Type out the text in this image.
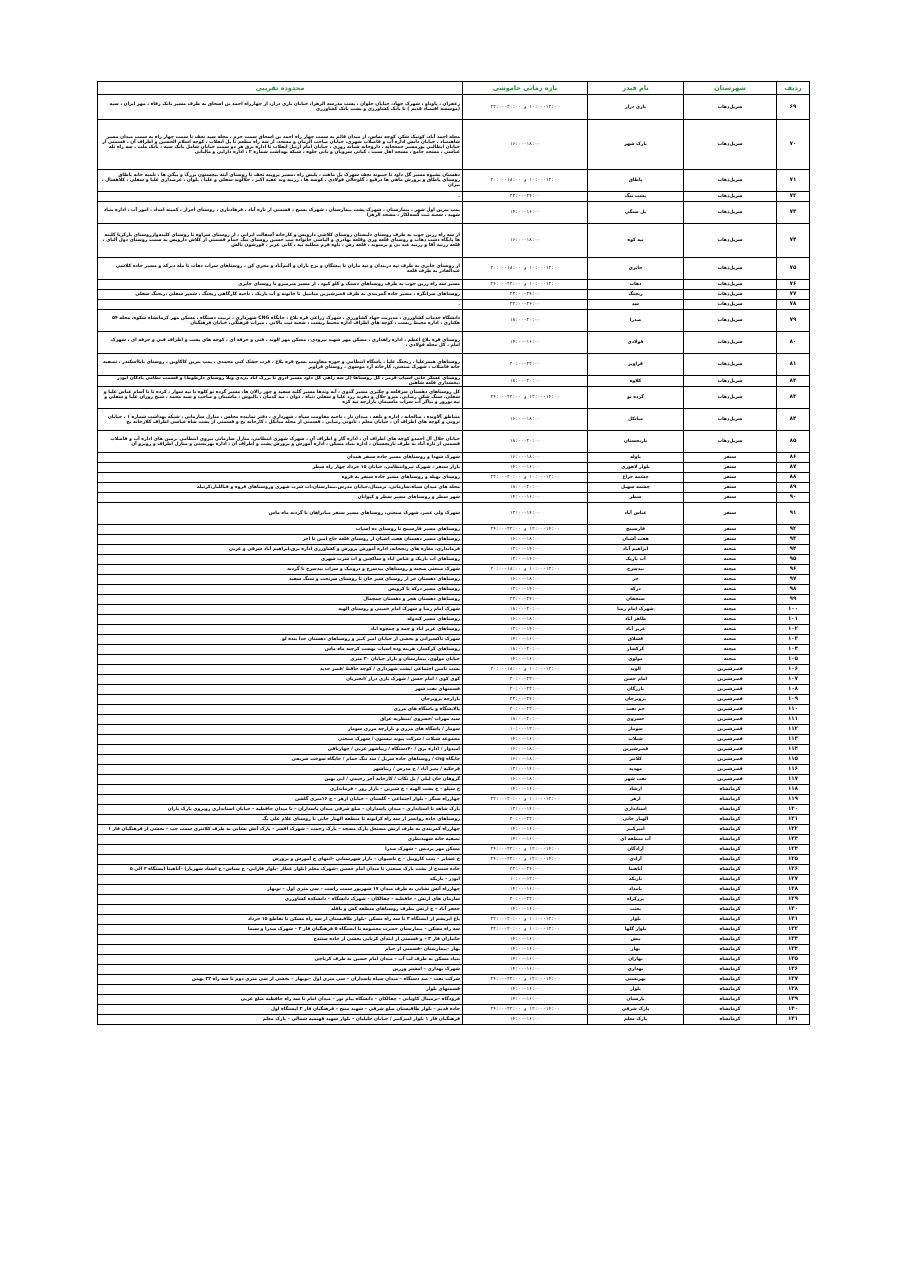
ردیف	شهرستان	نام فیدر	بازه زمانی خاموشی	محدوده تقریبی
۶۹	سرپل‌ذهاب	بازی دراز	۱۰:۰۰-۱۲:۰۰ و ۲۰:۰۰-۲۲:۰۰	زعفران ، پاوناو ، شهرک جهاد، خیابان حلوان ، پشت مدرسه الزهرا، خیابان بازی دراز، از چهارراه احمد بن اسحاق به طرف مسیر بانک رفاه ، مهر ایران ، سپه (موسسه اقتصاد قدیم ) تا بانک کشاورزی و پشت بانک کشاورزی
۷۰	سرپل‌ذهاب	پارک شهر	۱۶:۰۰-۱۸:۰۰	محله احمد آباد، کونیک شکر، کوچه تماس، از میدان قائم به سمت چهار راه احمد بن اسحاق سمت حرم ، محله سید نجف تا سمت چهار راه به سمت میدان مسیر شاهنصاد ، خیابان دانش اداره آب و فاضلاب شهری، خیابان صاحب الزمان و مسجد، از سه راه مطعم تا پل انقلاب ، کوچه اسلام الحسین و اطراف آن ، قسمتی از خیابان ابطالبی پورمسیر جمعخانه ، داروخانه شبانه روزی ، خیابان امام ارتبل انقلاب تا اداره برق هر دو سمت خیابان شامل بانک سپه ، بانک ملت ، سه راه تله عباسی ، مسجد جامع ، مسجد اهل سنت ، کیانی سرویان و بانی جلوه ، شبکه بهداشت شماره ۲ ، اداره دارایی و مالیاتی
۷۱	سرپل‌ذهاب	پاطاق	۱۰:۰۰-۱۲:۰۰ و ۱۸:۰۰-۲۰:۰۰	دهستان بشیوه مسیر گل داود تا حیبوند نجف شهرک پل ماهت ، پلیس راه ،مسیر پرویته نجف تا روستای آبته بیچستون بزرگ و بیگی ها ، تلمبه خانه پاطاق روستای پاطاق و پرورش ماهی ها دزقیع ، گلوجالی فولادی ، کوسه ها ، زرینه وند عقید اکبر ، جلالوند سفلی و علیا ، بلوان ، عرضداری علیا و سفلی ، کلاهسال ، بیران
۷۲	سرپل‌ذهاب	پشت تنگ	۲۲:۰۰-۲۴:۰۰	.
۷۳	سرپل‌ذهاب	پل سنگی	۱۴:۰۰-۱۶:۰۰	پمپ بنزین اول شهر ، بیمارستان ، شهرک پشت بیمارستان ، شهرک بسیج ، قسمتی از تازه آباد ، فرهادنازی ، روستای احرار ، کمیته امداد ، امور آب ، اداره بنیاد شهید ، شعبه ثبت گسه‌لکار ، مسجد الزهرا
۷۴	سرپل‌ذهاب	تپه کوه	۱۶:۰۰-۱۸:۰۰	از سه راه زرین جوب به طرف روستای دلیستان روستای کلاشی داروپس و کارخانه آسفالت ایرانی ، از روستای سراوه تا روستای کلینه‌وازروستای بازکرتا کلینه ها پایگاه دشت ذهاب و روستای قلعه وزی وقلعه بهادری و الیاسی خانواده تیپ حسین روستای تنگ حمام قسمتی از کلاش داروپس به سمت روستای دول آلبای ، قلعه زرنید آقا و زرنیه عید بی و بزمیوند ، قلعه رش ، ناوه فرم مطلبه تپه ، کانی عزیز ، قورشون بالش
۷۵	سرپل‌ذهاب	جابری	۱۰:۰۰-۱۲:۰۰ و ۱۸:۰۰-۲۰:۰۰	از روستای جابری به طرف تپه دربندان و تپه ماران تا بیشگان و برج باران و آلیم‌آباد و مجری کن ، روستاهای سراب دهاب تا مله دیرکه و مسیر جاده کلاشی عبدالقادر به طرف قلعه
۷۶	سرپل‌ذهاب	دهاب	۱۰:۰۰-۱۲:۰۰ و ۲۲:۰۰-۲۴:۰۰	مسیر سه راه زرین جوب به طرف روستاهای دستک و کلو کبود ، از مسیر میرمیرو تا روستای جابری
۷۷	سرپل‌ذهاب	ریجنگ	۲۲:۰۰-۲۴:۰۰	روستاهای سرانگره ، مسیر جاده گمربندی به طرف قصرشیرین میانبیل تا خانونه و آب باریک ، ناحیه کارگاهی ریجنگ ، شمیر سفلی ،ریجنگ سفلی
۷۸	سرپل‌ذهاب	سد	۲۲:۰۰-۲۴:۰۰	.
۷۹	سرپل‌ذهاب	صدرا	۱۸:۰۰-۲۰:۰۰	دانشگاه خدمات کشاورزی ، مدیریت جهاد کشاورزی ، شهرک زراعی قره بلاغ ، جایگاه CNG شهرداری ، تربیت دستگاه ، مسکن مهر کرمانشاه شکوه، محله ۵۴ هکتاری ، اداره محیط زیست ، کوچه های اطراف اداره محیط زیست ، شعبه ثبت بالانی ، میراث فرهنگی، خیابان فرهنگیان
۸۰	سرپل‌ذهاب	فولادی	۱۴:۰۰-۱۶:۰۰	روستای قره بلاغ اعظم ، اداره راهداری ، مسکن مهر شهید نیرودی ، مسکن مهر الوند ، فنی و حرفه ای ، کوچه های پشت و اطراف فنی و حرفه ای ، شهرک امام ، کل محله فولادی ،
۸۱	سرپل‌ذهاب	قراویز	۲۰:۰۰-۲۲:۰۰	روستاهای هیمرعلیا ، ریجنگ علیا ، پاسگاه انتظامی و حوزه مقاومت بسیج قره بلاغ ، قرت خشک کنی محمدی ، پمپ بنزین کاکاوین ، روستای بابااسکندر ، تصفیه خانه فاضلاب ، شهرک صنعتی، کارخانه آرد موسوی ، روستای قراویز
۸۲	سرپل‌ذهاب	کلاوه	۱۸:۰۰-۲۰:۰۰	روستای عسکر خانی آسیاب قرمز ، کل روستاها (از سه راهی کل داود مسیر ادرق تا بزرگ آباد بی‌دی وبلا روستای دارطوط) و قسمت نظامی بادگان ابوذر ،بخشداری قلعه شاهین
۸۳	سرپل‌ذهاب	گرده نو	۱۲:۰۰-۱۴:۰۰ و ۲۲:۰۰-۲۴:۰۰	کل روستاهای دهستان سرقلعه و چکبری مسیر گذوی ، آبه وندها مسیر گلیه سفید و چوز زالان ها، مسیر گرده تو کلوه تا تپه سوار ، کرده تا تا آسام عباس علیا و سفلی، سنگ شکن رضایی، میرو جلال و دهرند زرد علیا و سفلی ،تیاه ، دوان ، تیه کدمان ، بالیوس ، ماشینان و صاحب و سید محمد ، شیخ روزان علیا و سفلی و تپه نوروز و بیاگز آب سراب ماسیمان بازارچه تپه کره
۸۴	سرپل‌ذهاب	میانکل	۱۶:۰۰-۱۸:۰۰	متناطق آلاونده ، صالحانه ، اداره و تلفه ، میدان ناز ، ناحیه مقاومت سپاه ، شهرداری ، دفتر نماینده مجلس ، منازل سازمانی ، شبکه بهداشت شماره ۱ ، خیابان ثرونی و کوچه های اطراف آن ، خیابان معلم ، ثانونی رضایی ، قسمتی از محله میانکل ، کارخانه یخ و قسمتی از پشت شاه عباسی اطراف کلارخانه یخ
۸۵	سرپل‌ذهاب	نارنجستان	۱۸:۰۰-۲۰:۰۰	خیابان جلال آل احمدو کوچه های اطراف آن ، اداره گاز و اطراف آن ، شهرک شهری انتظامی، منازل سازمانی نیروی انتظامی ،زمین های اداره آب و فاضلاب قسمتی از تازه آباد به طرف نارنجستان ، اداره بنیاد مسکن ، اداره آموزش و پرورش پشت و اطراف آن ، اداره بهزیستی و منازل اطراف و روبرو آن
۸۶	سنقر	باوله	۱۶:۰۰-۱۸:۰۰	شهرک شهدا و روستاهای مسیر جاده سنقر همدان
۸۷	سنقر	بلوار لاهوری	۱۴:۰۰-۱۶:۰۰	بازار سنقر ، شهرک نیروانتظامی، خیابان ۱۵ خرداد چهار راه سطر
۸۸	سنقر	چشمه جراغ	۱۰:۰۰-۱۲:۰۰ و ۲۰:۰۰-۲۲:۰۰	روستای بهیله و روستاهای مسیر جاده سنقر به قروه
۸۹	سنقر	چشمه سهیل	۱۸:۰۰-۲۰:۰۰	محله های میدان سیاه،سازمانی، ترمینال،خیابان مدرس،بیمارستان،اب شرب شهری وروستاهای قروه و فیاللبار،کرتیله
۹۰	سنقر	سطر	۱۴:۰۰-۱۶:۰۰	شهر سطر و روستاهای مسیر سطر و کیوانان
۹۱	سنقر	عباس آباد	۱۲:۰۰-۱۴:۰۰	شهرک ولی عصر، شهرک صنعتی، روستاهای مسیر سنقر میانراهان تا گردنه ماه ماس
۹۲	سنقر	فارسینج	۱۲:۰۰-۱۴:۰۰ و ۲۲:۰۰-۲۴:۰۰	روستاهای مسیر فارسینج تا روستای ده اسیاب
۹۳	سنقر	هفت آشیان	۱۶:۰۰-۱۸:۰۰	روستاهای مسیر دهستان هفت اشیان از روستای قلعه حاج امین تا اخر
۹۴	صحنه	ابراهیم آباد	۱۲:۰۰-۱۴:۰۰	فرمانداری، مغازه های زنجحانه، اداره آموزش پرورش و کشاورزی اداره برق،ابراهیم آباد شرقی و غربی
۹۵	صحنه	آب باریک	۱۲:۰۰-۱۴:۰۰	روستاهای اب باریک و عباس اباد و ساکچین و اب شرب شهری
۹۶	صحنه	بیدسرخ	۱۰:۰۰-۱۲:۰۰ و ۱۸:۰۰-۲۰:۰۰	شهرک صنعتی صحنه و روستاهای بیدسرخ و درونیک و سراب بیدسرخ تا گردنه
۹۷	صحنه	حر	۱۶:۰۰-۱۸:۰۰	روستاهای دهستان حر از روستای شیر خان تا روستای سرتخت و سنگ سفید
۹۸	صحنه	درکه	۱۲:۰۰-۱۴:۰۰	روستاهای مسیر درکه تا کرویس
۹۹	صحنه	سنجقان	۲۲:۰۰-۲۴:۰۰	روستاهای دهستان هجر و دهستان چمچمال
۱۰۰	صحنه	شهرک امام رضا	۱۸:۰۰-۲۰:۰۰	شهرک امام رضا و شهرک امام خمینی و روستای الهیه
۱۰۱	صحنه	طاهر آباد	۱۶:۰۰-۱۸:۰۰	روستاهای مسیر کندوله
۱۰۲	صحنه	عزیز آباد	۱۲:۰۰-۱۴:۰۰	روستاهای عزیز اباد و چمه و چمچوه اباد
۱۰۳	صحنه	قشلاق	۱۴:۰۰-۱۶:۰۰	شهرک تاکسیرانی و بخشی از خیابان امیر کبیر و روستاهای دهستان خدا بنده لو
۱۰۴	صحنه	کرکسار	۱۸:۰۰-۲۰:۰۰	روستاهای کرکسار، هرینه وده اسیاب بهست کرچنه ماه ماس
۱۰۵	صحنه	مولوی	۱۴:۰۰-۱۶:۰۰	خیابان مولوی، بیمارستان و بازار خیابان ۲۰ متری
۱۰۶	قصرشیرین	الوند	۱۰:۰۰-۱۲:۰۰ و ۱۸:۰۰-۲۰:۰۰	پشت تامین اجتماعی /پشت شهرداری / کوچه حافظ /قصر جدید
۱۰۷	قصرشیرین	امام حسن	۲۰:۰۰-۲۲:۰۰	کوی کوی / امام حسن / شهرک بازی دراز /انجیریان
۱۰۸	قصرشیرین	بازرگان	۲۰:۰۰-۲۲:۰۰	قسمتهای نفت شهر
۱۰۹	قصرشیرین	پرویزخان	۲۲:۰۰-۲۴:۰۰	بازارچه پرویزخان
۱۱۰	قصرشیرین	چم نفت	۲۰:۰۰-۲۲:۰۰	پالایشگاه و پاسگاه های مرزی
۱۱۱	قصرشیرین	خسروی	۱۸:۰۰-۲۰:۰۰	سید مهراب /خسروی /منظریه عراق
۱۱۲	قصرشیرین	سومار	۱۰:۰۰-۱۲:۰۰	سومار / پاسگاه های مرزی و بازارچه مرزی سومار
۱۱۳	قصرشیرین	شیلات	۱۴:۰۰-۱۶:۰۰	مجموعه شیلات / شرکت پیوند تیستون / شهرک صنعتی
۱۱۴	قصرشیرین	قصرشیرین	۱۶:۰۰-۱۸:۰۰	امیدوار / اداره برق / ۴۰دستگاه / زیباشهر غربی / جهارتاقی
۱۱۵	قصرشیرین	کلانتر	۱۶:۰۰-۱۸:۰۰	جایگاه cng / روستاهای جاده سرپل / سد تنگ حمام / جایگاه سوخت شریفی
۱۱۶	قصرشیرین	مهدیه	۱۲:۰۰-۱۴:۰۰	فرخکیه / نصر آباد / ح مدرس / زیباشهر
۱۱۷	قصرشیرین	نفت شهر	۱۶:۰۰-۱۸:۰۰	گروهان خان لیلی / پل تکاب / کارخانه آجر رحیمی / ابی بهبن
۱۱۸	کرمانشاه	ارشاد	۱۴:۰۰-۱۶:۰۰	خ سیلو – خ پشت الهیه – خ شیرین – بازار روز – فرمانداری
۱۱۹	کرمانشاه	ازهر	۱۰:۰۰-۱۲:۰۰ و ۲۰:۰۰-۲۲:۰۰	چهارراه سنگر – بلوار اجتماعی – گلستان – خیابان ازهر – خ ۱۶متری گلشن
۱۲۰	کرمانشاه	استانداری	۱۲:۰۰-۱۴:۰۰	پارک شاهد تا استانداری – میدان پاسداران – ضلع شرقی میدان پاسداران – تا میدان حافظیه – خیابان استانداری روبروی پارک باران
۱۲۱	کرمانشاه	الهیار خانی	۲۰:۰۰-۲۲:۰۰	روستاهای جاده روانسر از سه راه کرانونه تا منطقه الهیار خانی تا روستای غلام علی بگ
۱۲۲	کرمانشاه	امیرکبیر	۱۴:۰۰-۱۶:۰۰	چهارراه کمربندی به طرف ارتش مستعل پارک مسجد – پارک رحمت – شهرک افسر – پارک آتش نشانی به طرف کلانتری سمت چپ – بخشی از فرهنگیان فاز ۱
۱۲۳	کرمانشاه	آب منطقه ای	۱۴:۰۰-۱۶:۰۰	تصفیه خانه شهیدنظری
۱۲۴	کرمانشاه	آزادگان	۱۲:۰۰-۱۴:۰۰ و ۲۲:۰۰-۲۴:۰۰	مسکن مهر پردیس – شهرک صدرا
۱۲۵	کرمانشاه	آزادی	۱۲:۰۰-۱۴:۰۰ و ۲۲:۰۰-۲۴:۰۰	خ عشایر – پمپ کارویبل – خ تاسیوان – بازار شهرستانی –انتهای خ آموزش و پرورش
۱۲۶	کرمانشاه	آناهیتا	۲۲:۰۰-۲۴:۰۰	جاده سنندج از پشت پارک صنعتی تا میدان امام حسین –شهرک معلم (بلوار عطار –بلوار فارابی– خ سناس– خ استاد شهریار) –آناهیتا ایستگاه ۳ الی ۵
۱۲۷	کرمانشاه	باریکه	۱۰:۰۰-۱۲:۰۰	ابوذر – باریکه
۱۲۸	کرمانشاه	بامداد	۱۴:۰۰-۱۶:۰۰	چهارراه آتش نشانی به طرف میدان ۱۷ شهریور سمت راست – سی متری اول – نوبهار
۱۲۹	کرمانشاه	برزکراه	۲۰:۰۰-۲۲:۰۰	سازمان های ارتش – حافظیه – چقالکان – شهرک دانشگاه – دانشکده کشاورزی
۱۳۰	کرمانشاه	بعثت	۱۴:۰۰-۱۶:۰۰	جعفر آباد – خ ارتش بطرف روستاهای منطقه کش و باقله
۱۳۱	کرمانشاه	بلوار	۱۰:۰۰-۱۲:۰۰ و ۲۰:۰۰-۲۲:۰۰	باغ ابریشم از ایستگاه ۳ تا سه راه مسکن –بلوار طاقبستان از سه راه مسکن تا تقاطع ۱۵ خرداد
۱۳۲	کرمانشاه	بلوار گلها	۱۰:۰۰-۱۲:۰۰ و ۲۰:۰۰-۲۲:۰۰	سه راه مسکن – بیمارستان حضرت معصومه تا ایستگاه ۵ فرهنگیان فاز ۳ – شهرک صدرا و سیما
۱۳۳	کرمانشاه	بنش	۱۴:۰۰-۱۶:۰۰	جانبازان فاز ۳ – و قسمتی از ابتدای کرنایی بخشی از جاده سنندج
۱۳۴	کرمانشاه	بهار	۱۴:۰۰-۱۶:۰۰	بهار –بیمارستان –قسمتی از خیام
۱۳۵	کرمانشاه	بهاران	۱۴:۰۰-۱۶:۰۰	بنیاد مسکن به طرف لب آب – میدان امام حسین به طرف کرناچی
۱۳۶	کرمانشاه	بهداری	۱۴:۰۰-۱۶:۰۰	شهرک بهداری – امشتر وزرین
۱۳۷	کرمانشاه	بهزیستی	۱۲:۰۰-۱۴:۰۰ و ۲۲:۰۰-۲۴:۰۰	شرکت نفت – صد دستگاه – میدان سپاه پاسداران – سی متری اول –نوبهار – بخشی از سی متری دوم تا سه راه ۲۲ بهمن
۱۳۸	کرمانشاه	بلوار	۱۴:۰۰-۱۶:۰۰	قسمتهای بلوار
۱۳۹	کرمانشاه	پارسیان	۱۴:۰۰-۱۶:۰۰	فرودگاه –ترمینال کاویانی – چقالکان – دانشگاه پیام نور – میدان امام تا سه راه حافظیه ضلع غربی
۱۴۰	کرمانشاه	پارک شرقی	۱۲:۰۰-۱۴:۰۰ و ۲۲:۰۰-۲۴:۰۰	جاده قدیم – بلوار طاقبستان ضلع شرقی – شهید منتخ – فرهنگیان فاز ۲ ایستگاه اول
۱۴۱	کرمانشاه	پارک معلم	۱۴:۰۰-۱۶:۰۰	فرهنگیان فاز ۱ بلوار امیرکبیر / خیابان جلیلیان – بلوار شهید فهیمیه شمالی – پارک معلم
